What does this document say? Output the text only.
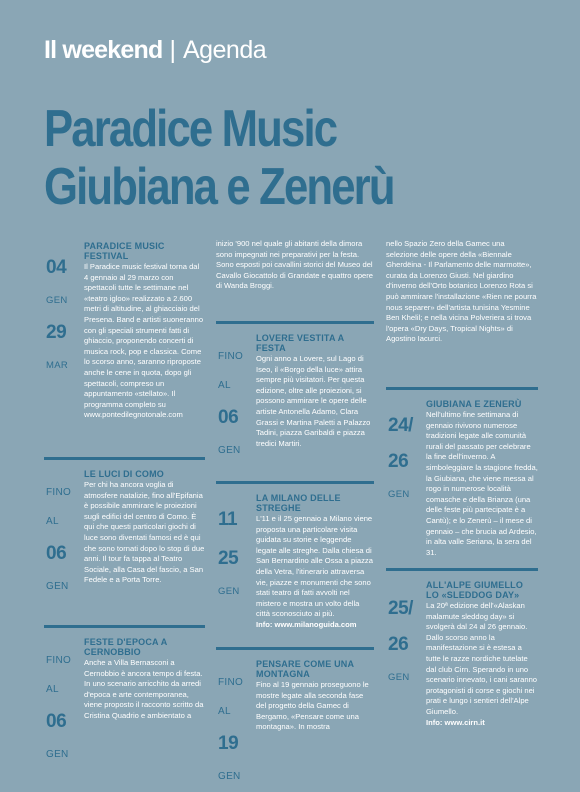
Il weekend | Agenda
Paradice Music
Giubiana e Zenerù

04

GEN

29

MAR

PARADICE MUSIC FESTIVAL
Il Paradice music festival torna dal 4 gennaio al 29 marzo con spettacoli tutte le settimane nel «teatro igloo» realizzato a 2.600 metri di altitudine, al ghiacciaio del Presena. Band e artisti suoneranno con gli speciali strumenti fatti di ghiaccio, proponendo concerti di musica rock, pop e classica. Come lo scorso anno, saranno riproposte anche le cene in quota, dopo gli spettacoli, compreso un appuntamento «stellato». Il programma completo su www.pontedilegnotonale.com

FINO

AL

06

GEN

LE LUCI DI COMO
Per chi ha ancora voglia di atmosfere natalizie, fino all'Epifania è possibile ammirare le proiezioni sugli edifici del centro di Como. È qui che questi particolari giochi di luce sono diventati famosi ed è qui che sono tornati dopo lo stop di due anni. Il tour fa tappa al Teatro Sociale, alla Casa del fascio, a San Fedele e a Porta Torre.

FINO

AL

06

GEN

FESTE D'EPOCA A CERNOBBIO
Anche a Villa Bernasconi a Cernobbio è ancora tempo di festa. In uno scenario arricchito da arredi d'epoca e arte contemporanea, viene proposto il racconto scritto da Cristina Quadrio e ambientato a
inizio '900 nel quale gli abitanti della dimora sono impegnati nei preparativi per la festa. Sono esposti poi cavallini storici del Museo del Cavallo Giocattolo di Grandate e quattro opere di Wanda Broggi.

FINO

AL

06

GEN

LOVERE VESTITA A FESTA
Ogni anno a Lovere, sul Lago di Iseo, il «Borgo della luce» attira sempre più visitatori. Per questa edizione, oltre alle proiezioni, si possono ammirare le opere delle artiste Antonella Adamo, Clara Grassi e Martina Paletti a Palazzo Tadini, piazza Garibaldi e piazza tredici Martiri.

11

25

GEN

LA MILANO DELLE STREGHE
L'11 e il 25 gennaio a Milano viene proposta una particolare visita guidata su storie e leggende legate alle streghe. Dalla chiesa di San Bernardino alle Ossa a piazza della Vetra, l'itinerario attraversa vie, piazze e monumenti che sono stati teatro di fatti avvolti nel mistero e mostra un volto della città sconosciuto ai più.
Info: www.milanoguida.com

FINO

AL

19

GEN

PENSARE COME UNA MONTAGNA
Fino al 19 gennaio proseguono le mostre legate alla seconda fase del progetto della Gamec di Bergamo, «Pensare come una montagna». In mostra
nello Spazio Zero della Gamec una selezione delle opere della «Biennale Gherdëina - Il Parlamento delle marmotte», curata da Lorenzo Giusti. Nel giardino d'inverno dell'Orto botanico Lorenzo Rota si può ammirare l'installazione «Rien ne pourra nous separer» dell'artista tunisina Yesmine Ben Khelil; e nella vicina Polveriera si trova l'opera «Dry Days, Tropical Nights» di Agostino Iacurci.

24/

26

GEN

GIUBIANA E ZENERÙ
Nell'ultimo fine settimana di gennaio rivivono numerose tradizioni legate alle comunità rurali del passato per celebrare la fine dell'inverno. A simboleggiare la stagione fredda, la Giubiana, che viene messa al rogo in numerose località comasche e della Brianza (una delle feste più partecipate è a Cantù); e lo Zenerù – il mese di gennaio – che brucia ad Ardesio, in alta valle Seriana, la sera del 31.

25/

26

GEN

ALL'ALPE GIUMELLO LO «SLEDDOG DAY»
La 20ª edizione dell'«Alaskan malamute sleddog day» si svolgerà dal 24 al 26 gennaio. Dallo scorso anno la manifestazione si è estesa a tutte le razze nordiche tutelate dal club Cirn. Sperando in uno scenario innevato, i cani saranno protagonisti di corse e giochi nei prati e lungo i sentieri dell'Alpe Giumello.
Info: www.cirn.it
